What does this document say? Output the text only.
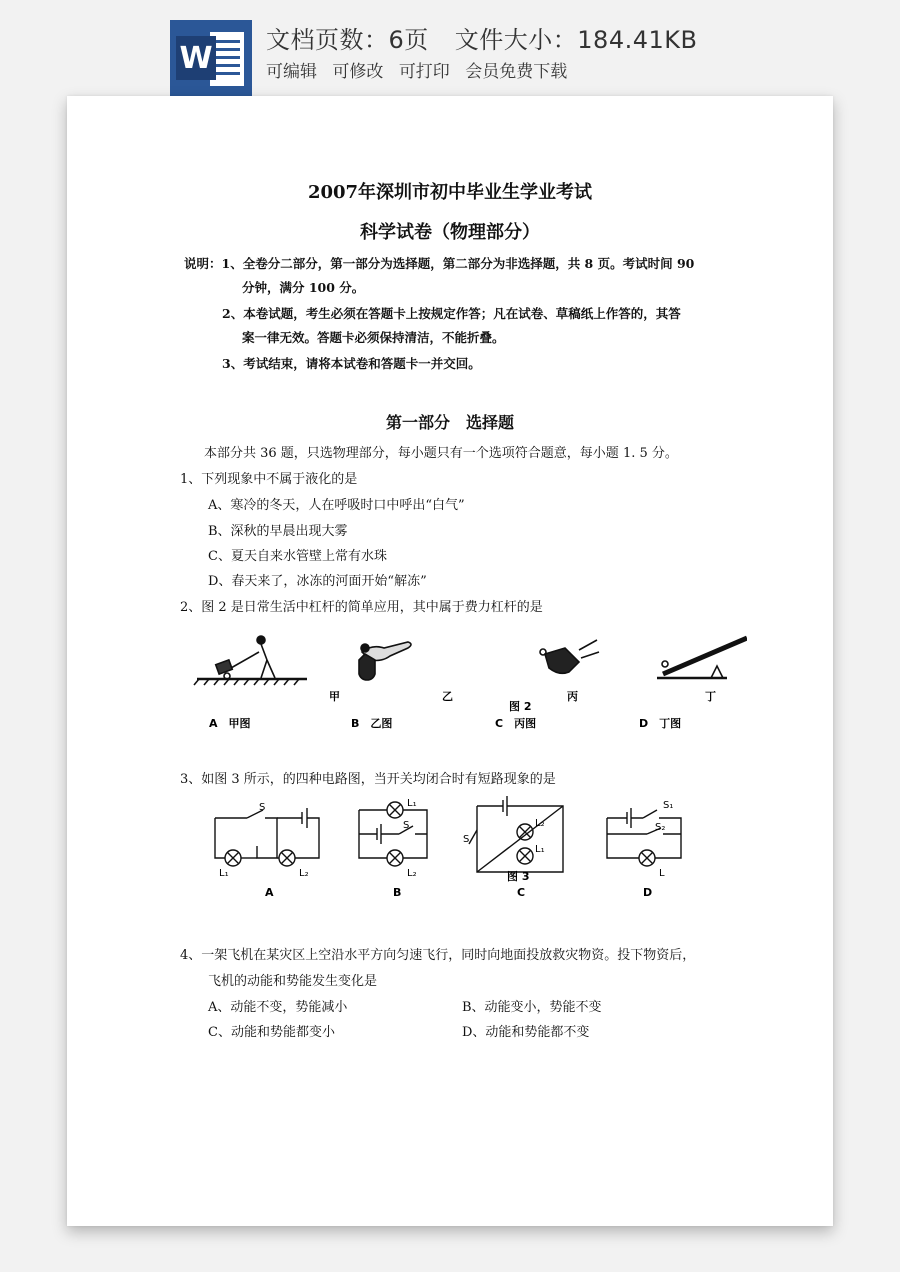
W
文档页数：6页 文件大小：184.41KB
可编辑 可修改 可打印 会员免费下载
2007年深圳市初中毕业生学业考试
科学试卷（物理部分）
说明：1、全卷分二部分，第一部分为选择题，第二部分为非选择题，共 8 页。考试时间 90
分钟，满分 100 分。
2、本卷试题，考生必须在答题卡上按规定作答；凡在试卷、草稿纸上作答的，其答
案一律无效。答题卡必须保持清洁，不能折叠。
3、考试结束，请将本试卷和答题卡一并交回。
第一部分　选择题
本部分共 36 题，只选物理部分，每小题只有一个选项符合题意，每小题 1. 5 分。
1、下列现象中不属于液化的是
A、寒冷的冬天，人在呼吸时口中呼出“白气”
B、深秋的早晨出现大雾
C、夏天自来水管壁上常有水珠
D、春天来了，冰冻的河面开始“解冻”
2、图 2 是日常生活中杠杆的简单应用，其中属于费力杠杆的是
甲	乙	丙	丁
图 2
A　甲图	B　乙图	C　丙图	D　丁图
3、如图 3 所示，的四种电路图，当开关均闭合时有短路现象的是
S
L₁	L₂
L₁
S
L₂
S
L₂
L₁
S₁
S₂
L
图 3
A	B	C	D
4、一架飞机在某灾区上空沿水平方向匀速飞行，同时向地面投放救灾物资。投下物资后，
飞机的动能和势能发生变化是
A、动能不变，势能减小	B、动能变小，势能不变
C、动能和势能都变小	D、动能和势能都不变
